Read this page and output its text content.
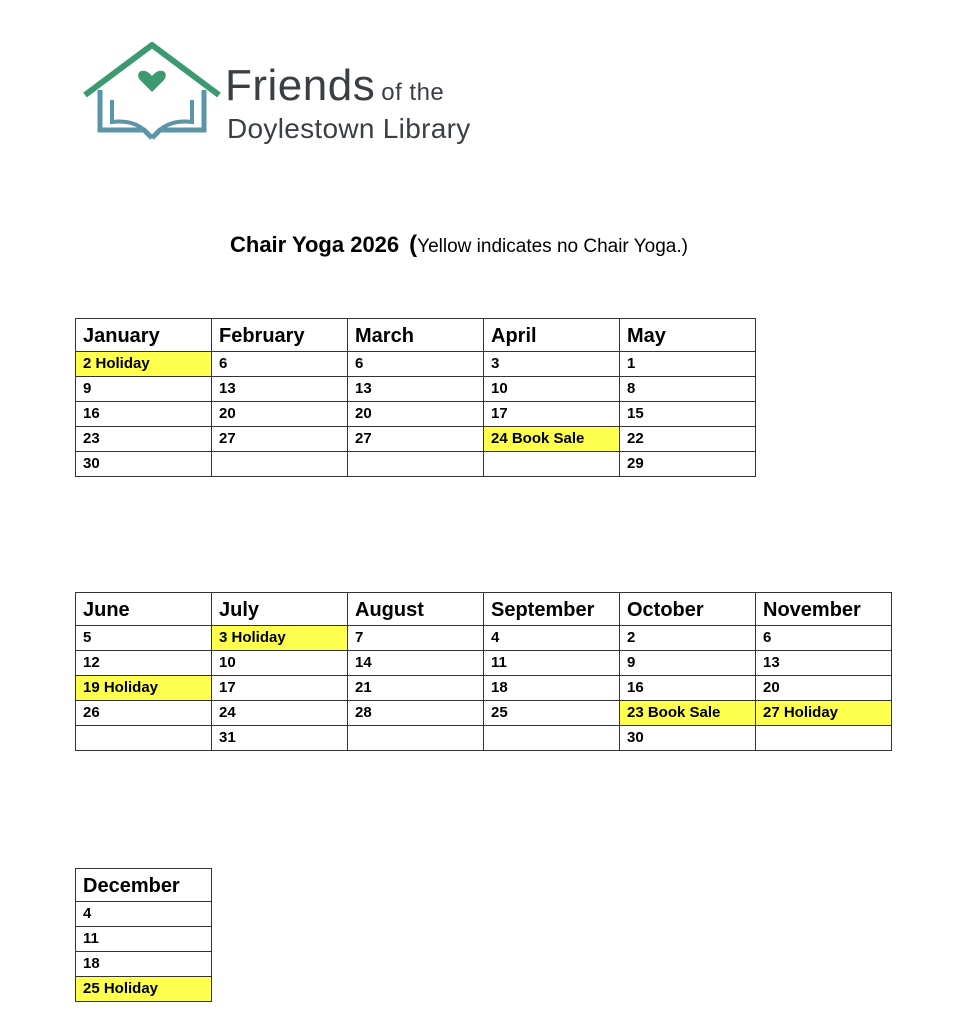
Friends of the
Doylestown Library
Chair Yoga 2026 (Yellow indicates no Chair Yoga.)
January	February	March	April	May
2 Holiday	6	6	3	1
9	13	13	10	8
16	20	20	17	15
23	27	27	24 Book Sale	22
30				29
June	July	August	September	October	November
5	3 Holiday	7	4	2	6
12	10	14	11	9	13
19 Holiday	17	21	18	16	20
26	24	28	25	23 Book Sale	27 Holiday
	31			30	
December
4
11
18
25 Holiday
